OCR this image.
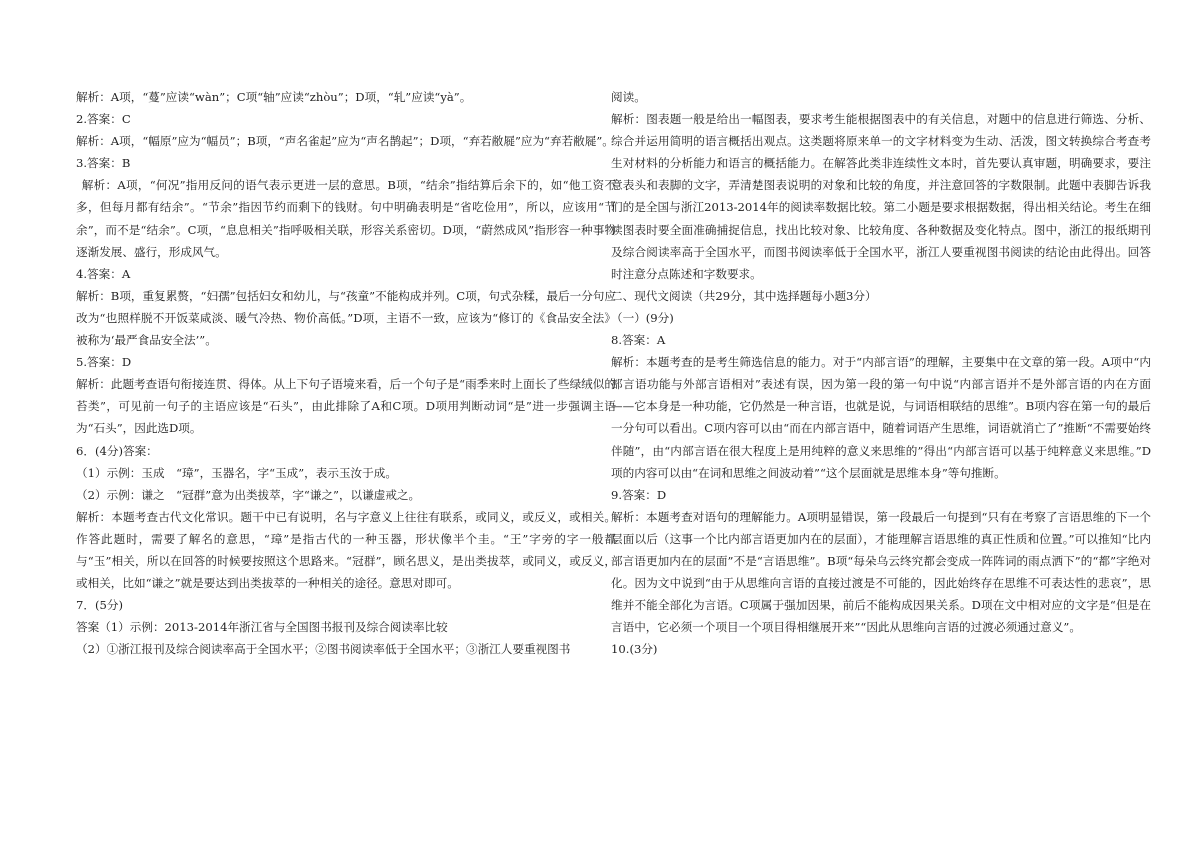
解析：A项，“蔓”应读“wàn”；C项“轴”应读“zhòu”；D项，“轧”应读“yà”。

2.答案：C

解析：A项，“幅原”应为“幅员”；B项，“声名雀起”应为“声名鹊起”；D项，“弃若敝屣”应为“弃若敝屣”。

3.答案：B

解析：A项，“何况”指用反问的语气表示更进一层的意思。B项，“结余”指结算后余下的，如“他工资不多，但每月都有结余”。“节余”指因节约而剩下的钱财。句中明确表明是“省吃俭用”，所以，应该用“节余”，而不是“结余”。C项，“息息相关”指呼吸相关联，形容关系密切。D项，“蔚然成风”指形容一种事物逐渐发展、盛行，形成风气。

4.答案：A

解析：B项，重复累赘，“妇孺”包括妇女和幼儿，与“孩童”不能构成并列。C项，句式杂糅，最后一分句应改为“也照样脱不开饭菜咸淡、暖气冷热、物价高低。”D项，主语不一致，应该为“修订的《食品安全法》被称为‘最严食品安全法’”。

5.答案：D

解析：此题考查语句衔接连贯、得体。从上下句子语境来看，后一个句子是“雨季来时上面长了些绿绒似的苔类”，可见前一句子的主语应该是“石头”，由此排除了A和C项。D项用判断动词“是”进一步强调主语为“石头”，因此选D项。

6．(4分)答案：

（1）示例：玉成　“璋”，玉器名，字“玉成”，表示玉汝于成。

（2）示例：谦之　“冠群”意为出类拔萃，字“谦之”，以谦虚戒之。

解析：本题考查古代文化常识。题干中已有说明，名与字意义上往往有联系，或同义，或反义，或相关。作答此题时，需要了解名的意思，“璋”是指古代的一种玉器，形状像半个圭。“王”字旁的字一般都与“玉”相关，所以在回答的时候要按照这个思路来。“冠群”，顾名思义，是出类拔萃，或同义，或反义，或相关，比如“谦之”就是要达到出类拔萃的一种相关的途径。意思对即可。

7．(5分)

答案（1）示例：2013-2014年浙江省与全国图书报刊及综合阅读率比较

（2）①浙江报刊及综合阅读率高于全国水平；②图书阅读率低于全国水平；③浙江人要重视图书

阅读。

解析：图表题一般是给出一幅图表，要求考生能根据图表中的有关信息，对题中的信息进行筛选、分析、综合并运用简明的语言概括出观点。这类题将原来单一的文字材料变为生动、活泼，图文转换综合考查考生对材料的分析能力和语言的概括能力。在解答此类非连续性文本时，首先要认真审题，明确要求，要注意表头和表脚的文字，弄清楚图表说明的对象和比较的角度，并注意回答的字数限制。此题中表脚告诉我们的是全国与浙江2013-2014年的阅读率数据比较。第二小题是要求根据数据，得出相关结论。考生在细读图表时要全面准确捕捉信息，找出比较对象、比较角度、各种数据及变化特点。图中，浙江的报纸期刊及综合阅读率高于全国水平，而图书阅读率低于全国水平，浙江人要重视图书阅读的结论由此得出。回答时注意分点陈述和字数要求。

二、现代文阅读（共29分，其中选择题每小题3分）

（一）(9分)

8.答案：A

解析：本题考查的是考生筛选信息的能力。对于“内部言语”的理解，主要集中在文章的第一段。A项中“内部言语功能与外部言语相对”表述有误，因为第一段的第一句中说“内部言语并不是外部言语的内在方面——它本身是一种功能，它仍然是一种言语，也就是说，与词语相联结的思维”。B项内容在第一句的最后一分句可以看出。C项内容可以由“而在内部言语中，随着词语产生思维，词语就消亡了”推断“不需要始终伴随”，由“内部言语在很大程度上是用纯粹的意义来思维的”得出“内部言语可以基于纯粹意义来思维。”D项的内容可以由“在词和思维之间波动着”“这个层面就是思维本身”等句推断。

9.答案：D

解析：本题考查对语句的理解能力。A项明显错误，第一段最后一句提到“只有在考察了言语思维的下一个层面以后（这事一个比内部言语更加内在的层面），才能理解言语思维的真正性质和位置。”可以推知“比内部言语更加内在的层面”不是“言语思维”。B项“每朵乌云终究都会变成一阵阵词的雨点洒下”的“都”字绝对化。因为文中说到“由于从思维向言语的直接过渡是不可能的，因此始终存在思维不可表达性的悲哀”，思维并不能全部化为言语。C项属于强加因果，前后不能构成因果关系。D项在文中相对应的文字是“但是在言语中，它必须一个项目一个项目得相继展开来”“因此从思维向言语的过渡必须通过意义”。

10.(3分)
